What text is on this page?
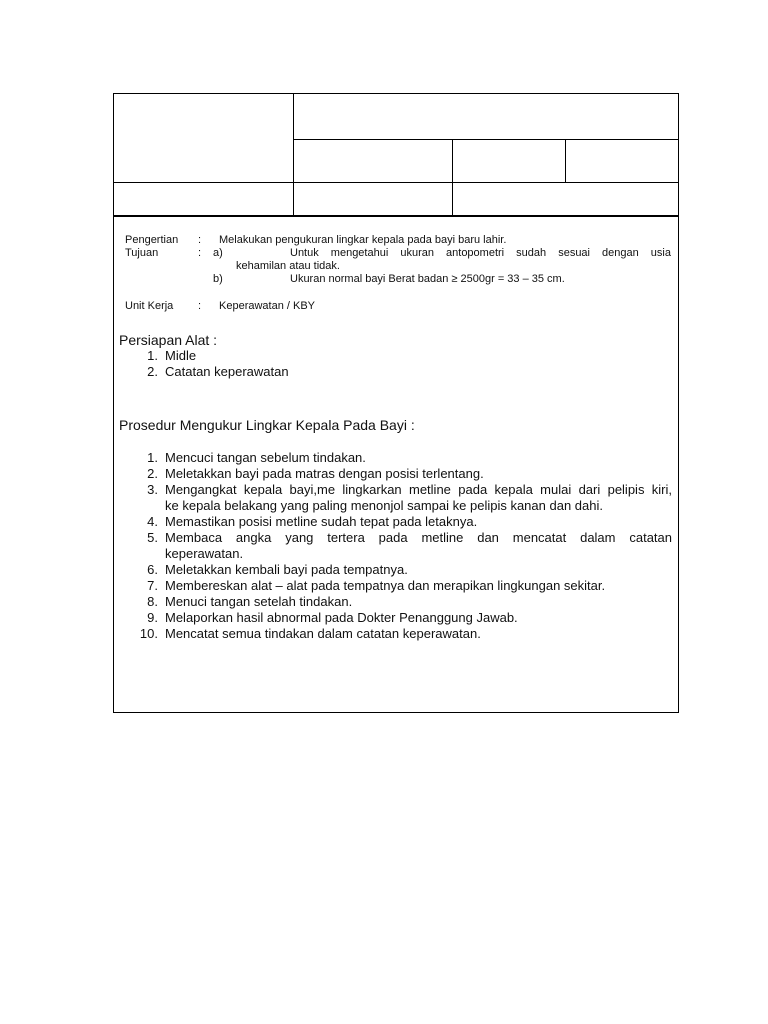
Pengertian : Melakukan pengukuran lingkar kepala pada bayi baru lahir.
Tujuan	: a)	Untuk mengetahui ukuran antopometri sudah sesuai dengan usia
kehamilan atau tidak.
b)	Ukuran normal bayi Berat badan ≥ 2500gr = 33 – 35 cm.
Unit Kerja : Keperawatan / KBY
Persiapan Alat :
1. Midle
2. Catatan keperawatan
Prosedur Mengukur Lingkar Kepala Pada Bayi :
1. Mencuci tangan sebelum tindakan.
2. Meletakkan bayi pada matras dengan posisi terlentang.
3. Mengangkat kepala bayi,me lingkarkan metline pada kepala mulai dari pelipis kiri,
ke kepala belakang yang paling menonjol sampai ke pelipis kanan dan dahi.
4. Memastikan posisi metline sudah tepat pada letaknya.
5. Membaca angka yang tertera pada metline dan mencatat dalam catatan
keperawatan.
6. Meletakkan kembali bayi pada tempatnya.
7. Membereskan alat – alat pada tempatnya dan merapikan lingkungan sekitar.
8. Menuci tangan setelah tindakan.
9. Melaporkan hasil abnormal pada Dokter Penanggung Jawab.
10. Mencatat semua tindakan dalam catatan keperawatan.
